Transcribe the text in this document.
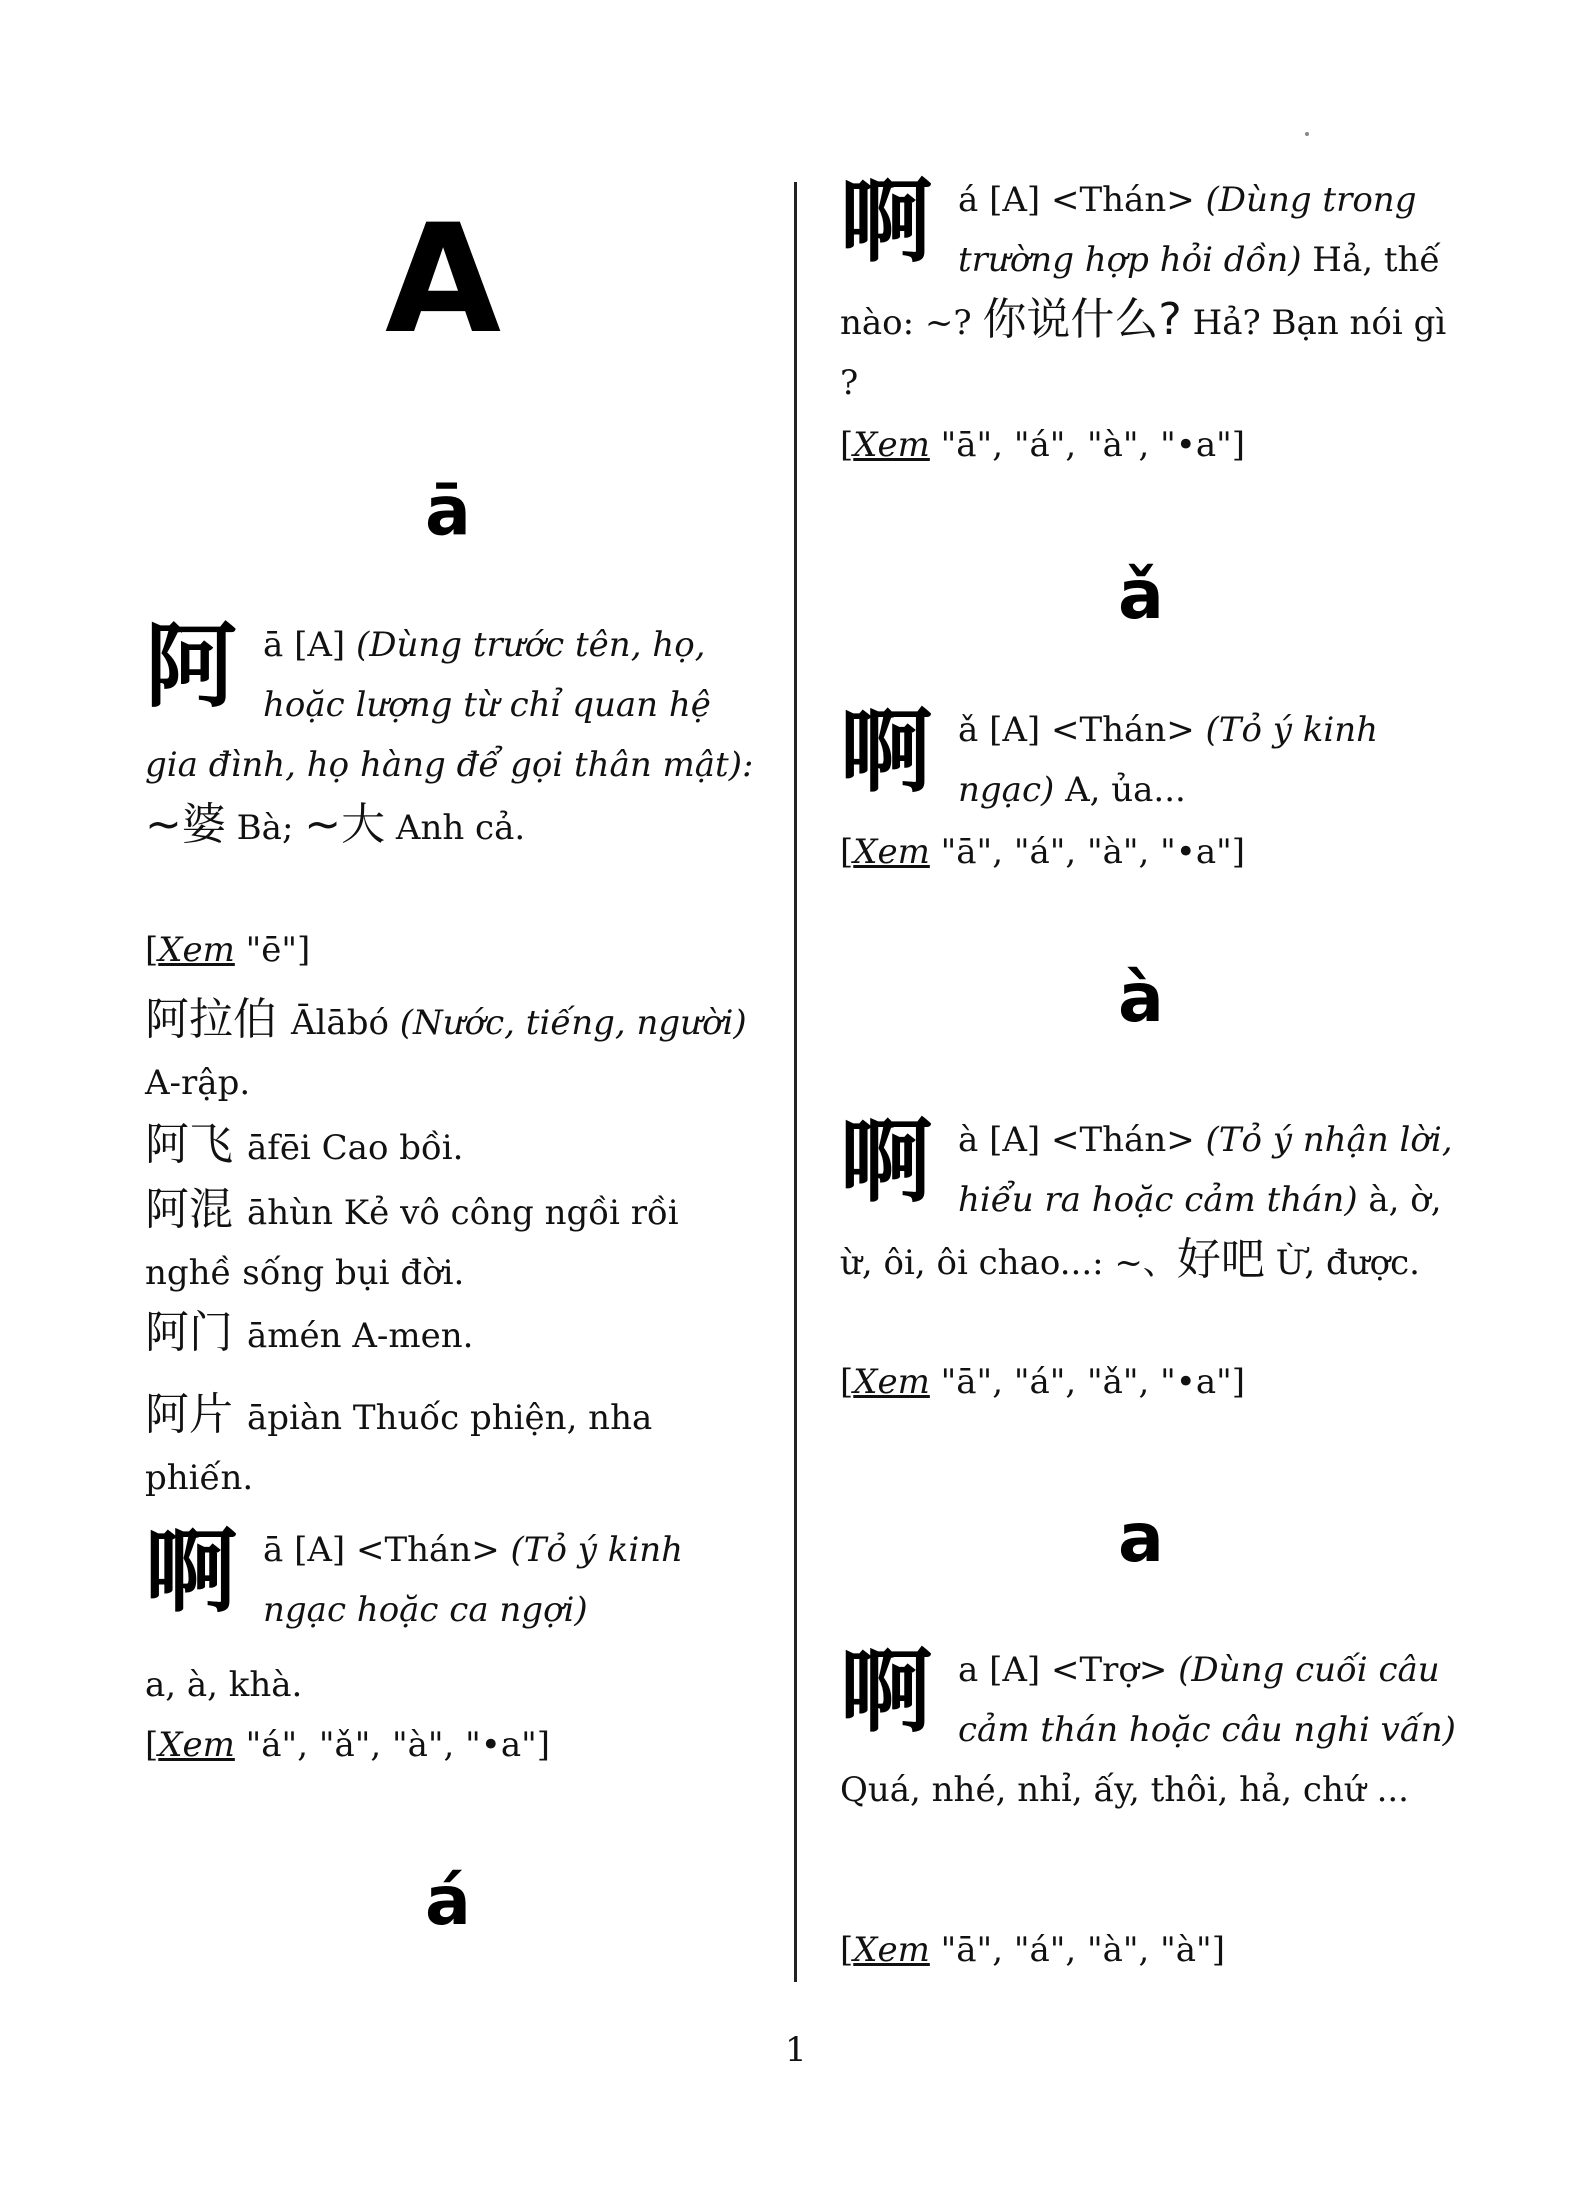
A
ā
阿ā [A] (Dùng trước tên, họ, hoặc lượng từ chỉ quan hệ gia đình, họ hàng để gọi thân mật): ~婆 Bà; ~大 Anh cả.
[Xem "ē"]
阿拉伯 Ālābó (Nước, tiếng, người) A-rập.
阿飞 āfēi Cao bồi.
阿混 āhùn Kẻ vô công ngồi rồi nghề sống bụi đời.
阿门 āmén A-men.
阿片 āpiàn Thuốc phiện, nha phiến.
啊ā [A] <Thán> (Tỏ ý kinh ngạc hoặc ca ngợi)
a, à, khà.
[Xem "á", "ǎ", "à", "•a"]
á
啊á [A] <Thán> (Dùng trong trường hợp hỏi dồn) Hả, thế nào: ~? 你说什么? Hả? Bạn nói gì ?
[Xem "ā", "á", "à", "•a"]
ǎ
啊ǎ [A] <Thán> (Tỏ ý kinh ngạc) A, ủa...
[Xem "ā", "á", "à", "•a"]
à
啊à [A] <Thán> (Tỏ ý nhận lời, hiểu ra hoặc cảm thán) à, ờ, ừ, ôi, ôi chao...: ~、好吧 Ừ, được.
[Xem "ā", "á", "ǎ", "•a"]
a
啊a [A] <Trợ> (Dùng cuối câu cảm thán hoặc câu nghi vấn) Quá, nhé, nhỉ, ấy, thôi, hả, chứ ...
[Xem "ā", "á", "à", "à"]
1
